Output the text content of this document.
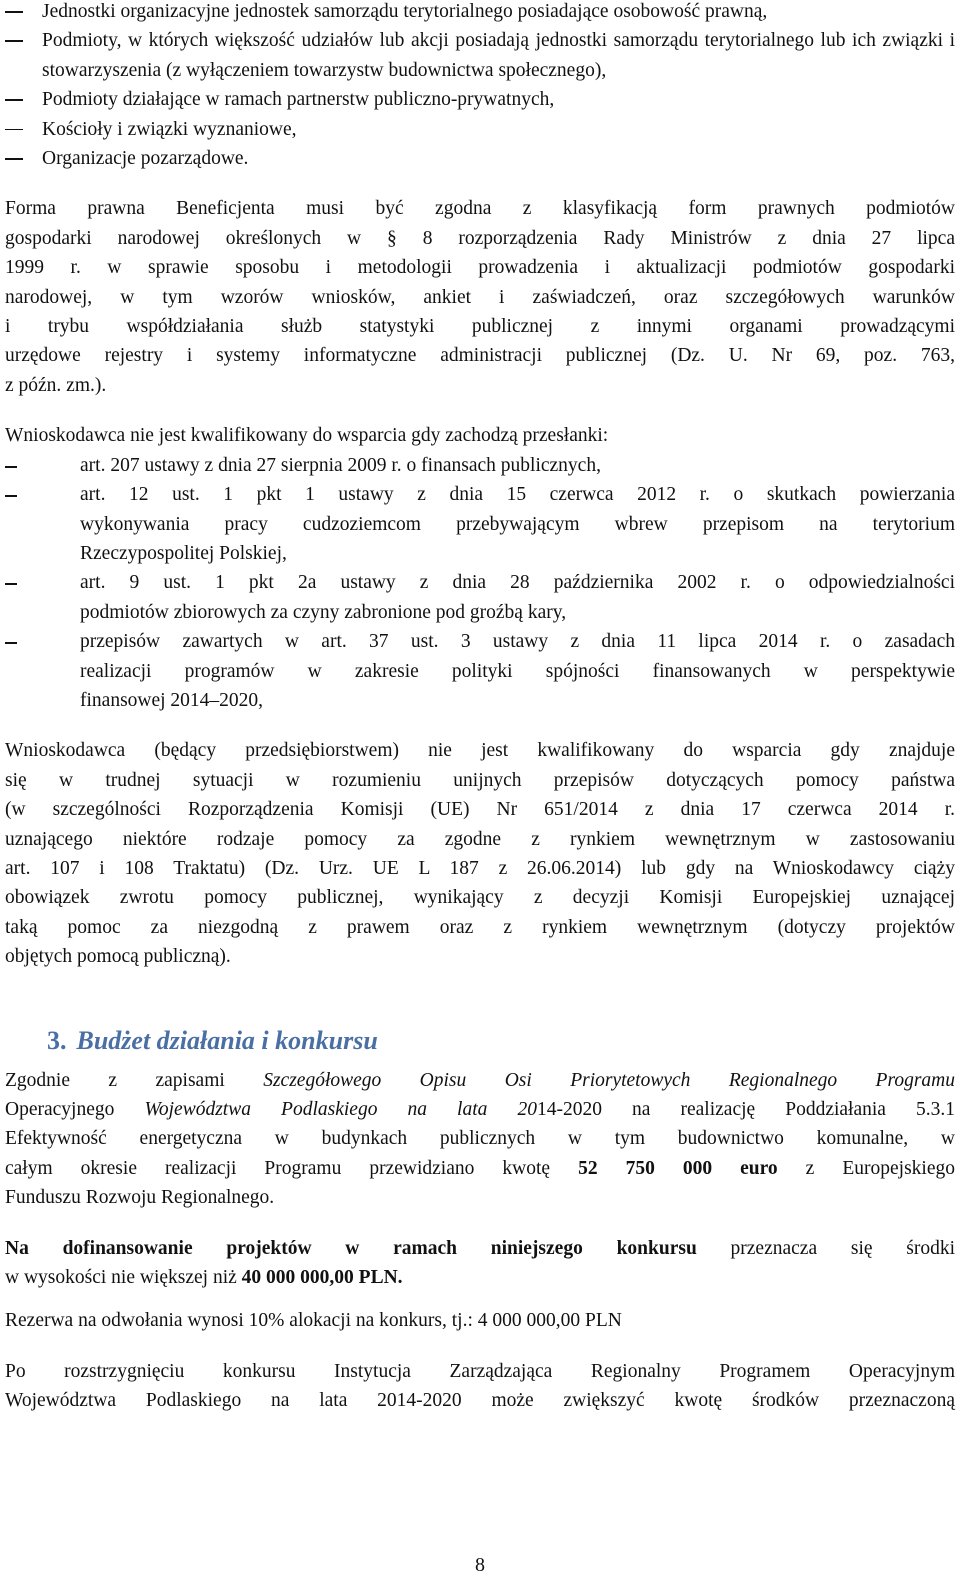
Jednostki organizacyjne jednostek samorządu terytorialnego posiadające osobowość prawną,
Podmioty, w których większość udziałów lub akcji posiadają jednostki samorządu terytorialnego lub ich związki i stowarzyszenia (z wyłączeniem towarzystw budownictwa społecznego),
Podmioty działające w ramach partnerstw publiczno-prywatnych,
Kościoły i związki wyznaniowe,
Organizacje pozarządowe.

Forma prawna Beneficjenta musi być zgodna z klasyfikacją form prawnych podmiotów
gospodarki narodowej określonych w § 8 rozporządzenia Rady Ministrów z dnia 27 lipca
1999 r. w sprawie sposobu i metodologii prowadzenia i aktualizacji podmiotów gospodarki
narodowej, w tym wzorów wniosków, ankiet i zaświadczeń, oraz szczegółowych warunków
i trybu współdziałania służb statystyki publicznej z innymi organami prowadzącymi
urzędowe rejestry i systemy informatyczne administracji publicznej (Dz. U. Nr 69, poz. 763,
z późn. zm.).

Wnioskodawca nie jest kwalifikowany do wsparcia gdy zachodzą przesłanki:

art. 207 ustawy z dnia 27 sierpnia 2009 r. o finansach publicznych,
art. 12 ust. 1 pkt 1 ustawy z dnia 15 czerwca 2012 r. o skutkach powierzania
wykonywania pracy cudzoziemcom przebywającym wbrew przepisom na terytorium
Rzeczypospolitej Polskiej,
art. 9 ust. 1 pkt 2a ustawy z dnia 28 października 2002 r. o odpowiedzialności
podmiotów zbiorowych za czyny zabronione pod groźbą kary,
przepisów zawartych w art. 37 ust. 3 ustawy z dnia 11 lipca 2014 r. o zasadach
realizacji programów w zakresie polityki spójności finansowanych w perspektywie
finansowej 2014–2020,

Wnioskodawca (będący przedsiębiorstwem) nie jest kwalifikowany do wsparcia gdy znajduje
się w trudnej sytuacji w rozumieniu unijnych przepisów dotyczących pomocy państwa
(w szczególności Rozporządzenia Komisji (UE) Nr 651/2014 z dnia 17 czerwca 2014 r.
uznającego niektóre rodzaje pomocy za zgodne z rynkiem wewnętrznym w zastosowaniu
art. 107 i 108 Traktatu) (Dz. Urz. UE L 187 z 26.06.2014) lub gdy na Wnioskodawcy ciąży
obowiązek zwrotu pomocy publicznej, wynikający z decyzji Komisji Europejskiej uznającej
taką pomoc za niezgodną z prawem oraz z rynkiem wewnętrznym (dotyczy projektów
objętych pomocą publiczną).

3. Budżet działania i konkursu

Zgodnie z zapisami Szczegółowego Opisu Osi Priorytetowych Regionalnego Programu
Operacyjnego Województwa Podlaskiego na lata 2014-2020 na realizację Poddziałania 5.3.1
Efektywność energetyczna w budynkach publicznych w tym budownictwo komunalne, w
całym okresie realizacji Programu przewidziano kwotę 52 750 000 euro z Europejskiego
Funduszu Rozwoju Regionalnego.

Na dofinansowanie projektów w ramach niniejszego konkursu przeznacza się środki
w wysokości nie większej niż 40 000 000,00 PLN.

Rezerwa na odwołania wynosi 10% alokacji na konkurs, tj.: 4 000 000,00 PLN

Po rozstrzygnięciu konkursu Instytucja Zarządzająca Regionalny Programem Operacyjnym
Województwa Podlaskiego na lata 2014-2020 może zwiększyć kwotę środków przeznaczoną

8
